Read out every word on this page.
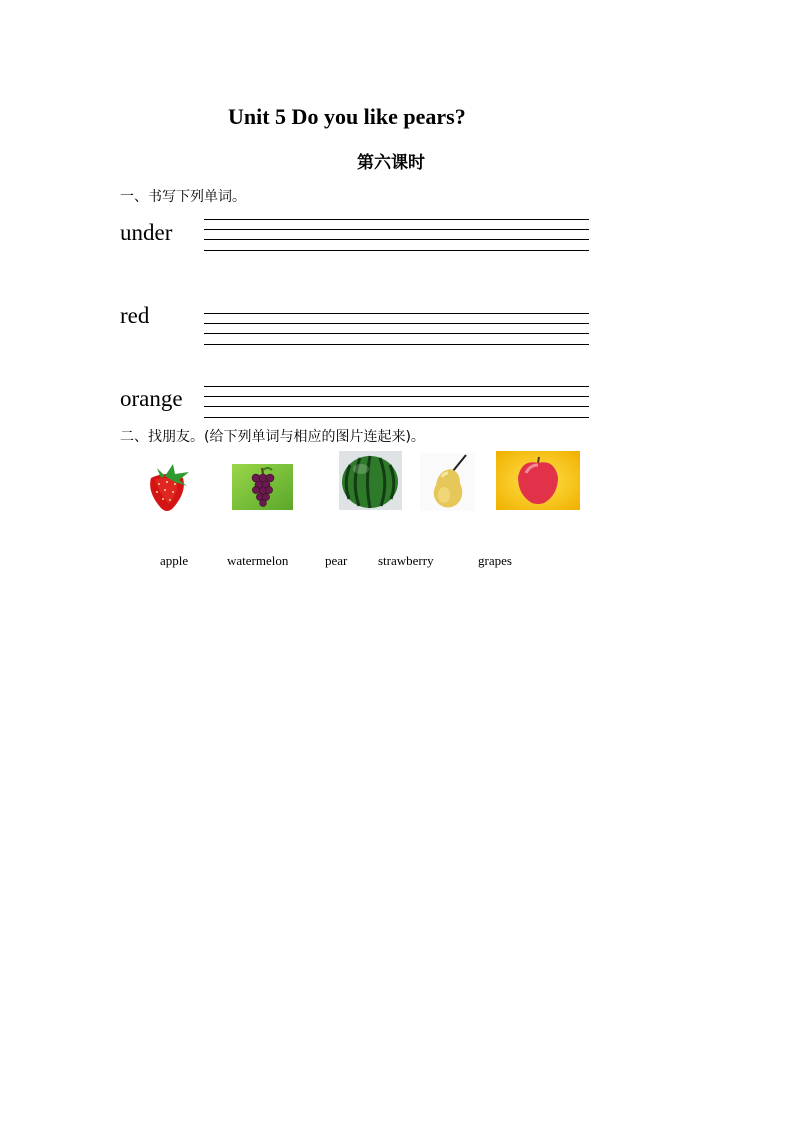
Unit 5 Do you like pears?
第六课时
一、书写下列单词。
under
red
orange
二、找朋友。(给下列单词与相应的图片连起来)。
apple	watermelon	pear strawberry	grapes
